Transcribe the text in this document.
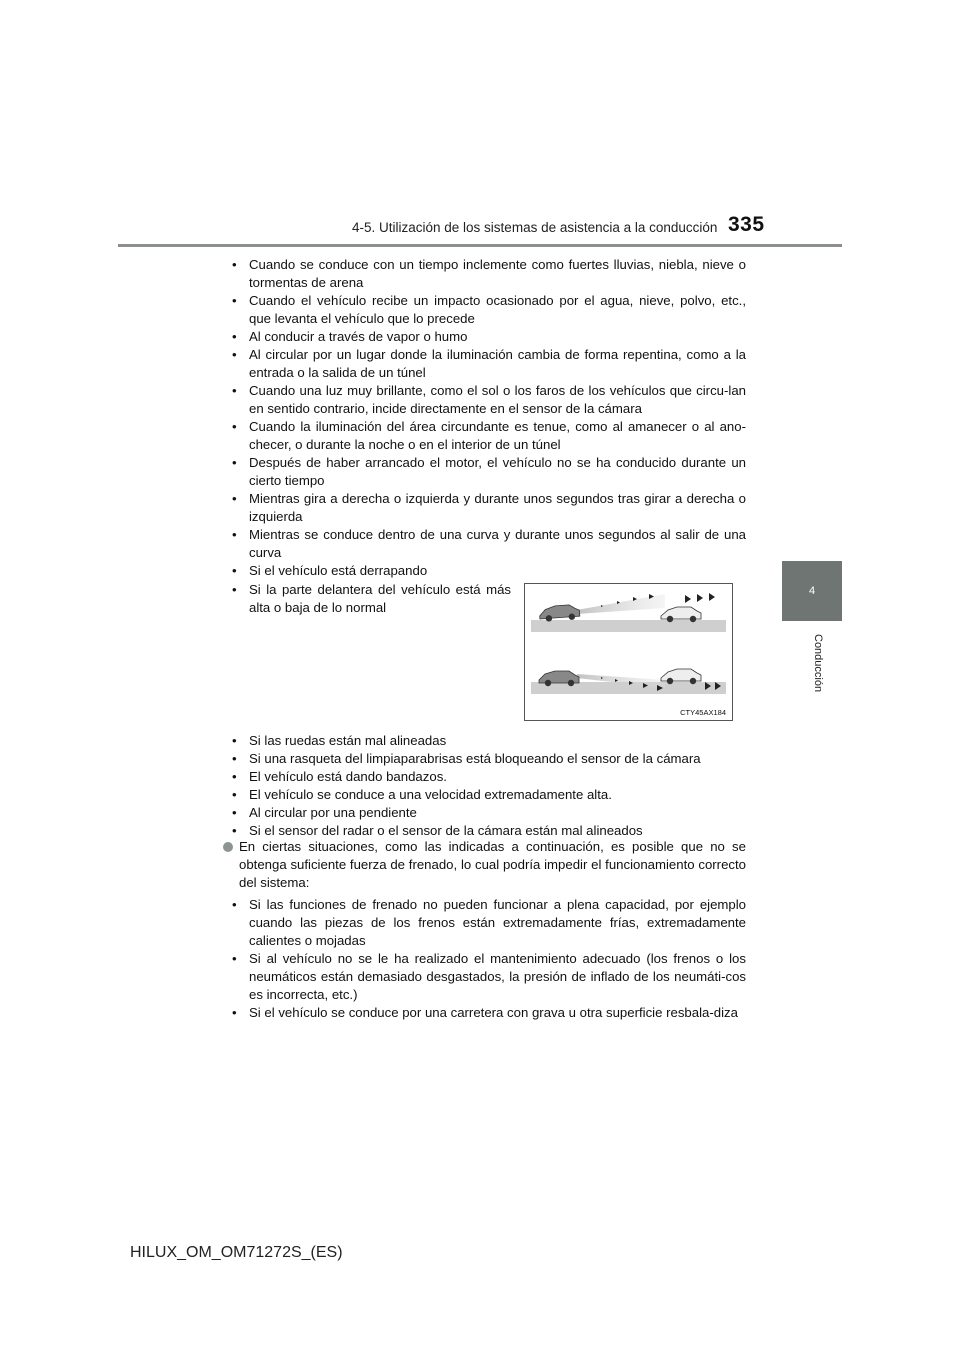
4-5. Utilización de los sistemas de asistencia a la conducción 335
4
Conducción
• Cuando se conduce con un tiempo inclemente como fuertes lluvias, niebla, nieve o tormentas de arena
• Cuando el vehículo recibe un impacto ocasionado por el agua, nieve, polvo, etc., que levanta el vehículo que lo precede
• Al conducir a través de vapor o humo
• Al circular por un lugar donde la iluminación cambia de forma repentina, como a la entrada o la salida de un túnel
• Cuando una luz muy brillante, como el sol o los faros de los vehículos que circu-lan en sentido contrario, incide directamente en el sensor de la cámara
• Cuando la iluminación del área circundante es tenue, como al amanecer o al ano-checer, o durante la noche o en el interior de un túnel
• Después de haber arrancado el motor, el vehículo no se ha conducido durante un cierto tiempo
• Mientras gira a derecha o izquierda y durante unos segundos tras girar a derecha o izquierda
• Mientras se conduce dentro de una curva y durante unos segundos al salir de una curva
• Si el vehículo está derrapando
• Si la parte delantera del vehículo está más alta o baja de lo normal
CTY45AX184
• Si las ruedas están mal alineadas
• Si una rasqueta del limpiaparabrisas está bloqueando el sensor de la cámara
• El vehículo está dando bandazos.
• El vehículo se conduce a una velocidad extremadamente alta.
• Al circular por una pendiente
• Si el sensor del radar o el sensor de la cámara están mal alineados
En ciertas situaciones, como las indicadas a continuación, es posible que no se obtenga suficiente fuerza de frenado, lo cual podría impedir el funcionamiento correcto del sistema:
• Si las funciones de frenado no pueden funcionar a plena capacidad, por ejemplo cuando las piezas de los frenos están extremadamente frías, extremadamente calientes o mojadas
• Si al vehículo no se le ha realizado el mantenimiento adecuado (los frenos o los neumáticos están demasiado desgastados, la presión de inflado de los neumáti-cos es incorrecta, etc.)
• Si el vehículo se conduce por una carretera con grava u otra superficie resbala-diza
HILUX_OM_OM71272S_(ES)
